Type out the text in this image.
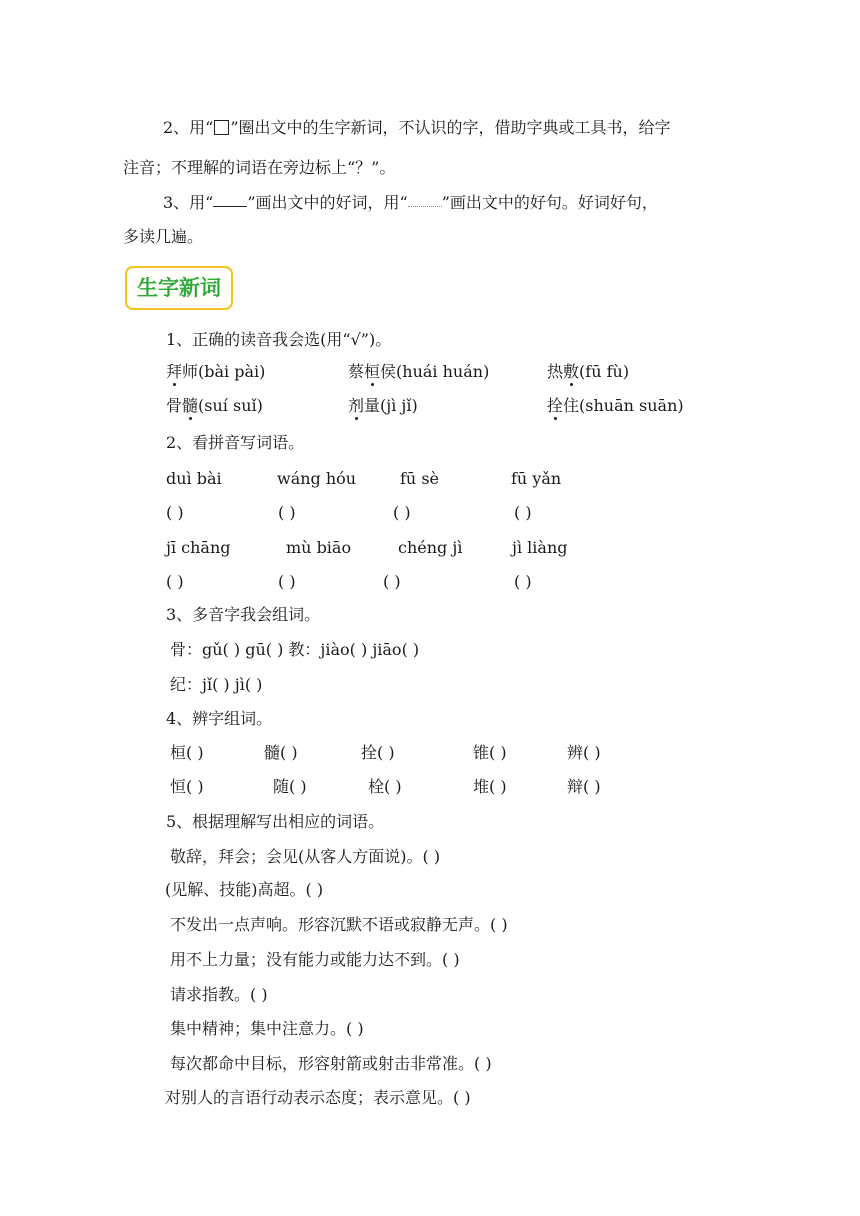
2、用“ ”圈出文中的生字新词，不认识的字，借助字典或工具书，给字
注音；不理解的词语在旁边标上“？”。
3、用“ ”画出文中的好词，用“ ”画出文中的好句。好词好句，
多读几遍。
生字新词
1、正确的读音我会选(用“√”)。
拜师(bài pài)	蔡桓侯(huái huán)	热敷(fū fù)
骨髓(suí suǐ)	剂量(jì jǐ)	拴住(shuān suān)
2、看拼音写词语。
duì bài	wáng hóu	fū sè	fū yǎn
( )	( )	( )	( )
jī chāng	mù biāo	chéng jì	jì liàng
( )	( )	( )	( )
3、多音字我会组词。
骨：gǔ( ) gū( ) 教：jiào( ) jiāo( )
纪：jǐ( ) jì( )
4、辨字组词。
桓( )	髓( )	拴( )	锥( )	辨( )
恒( )	随( )	栓( )	堆( )	辩( )
5、根据理解写出相应的词语。
敬辞，拜会；会见(从客人方面说)。( )
(见解、技能)高超。( )
不发出一点声响。形容沉默不语或寂静无声。( )
用不上力量；没有能力或能力达不到。( )
请求指教。( )
集中精神；集中注意力。( )
每次都命中目标，形容射箭或射击非常准。( )
对别人的言语行动表示态度；表示意见。( )
